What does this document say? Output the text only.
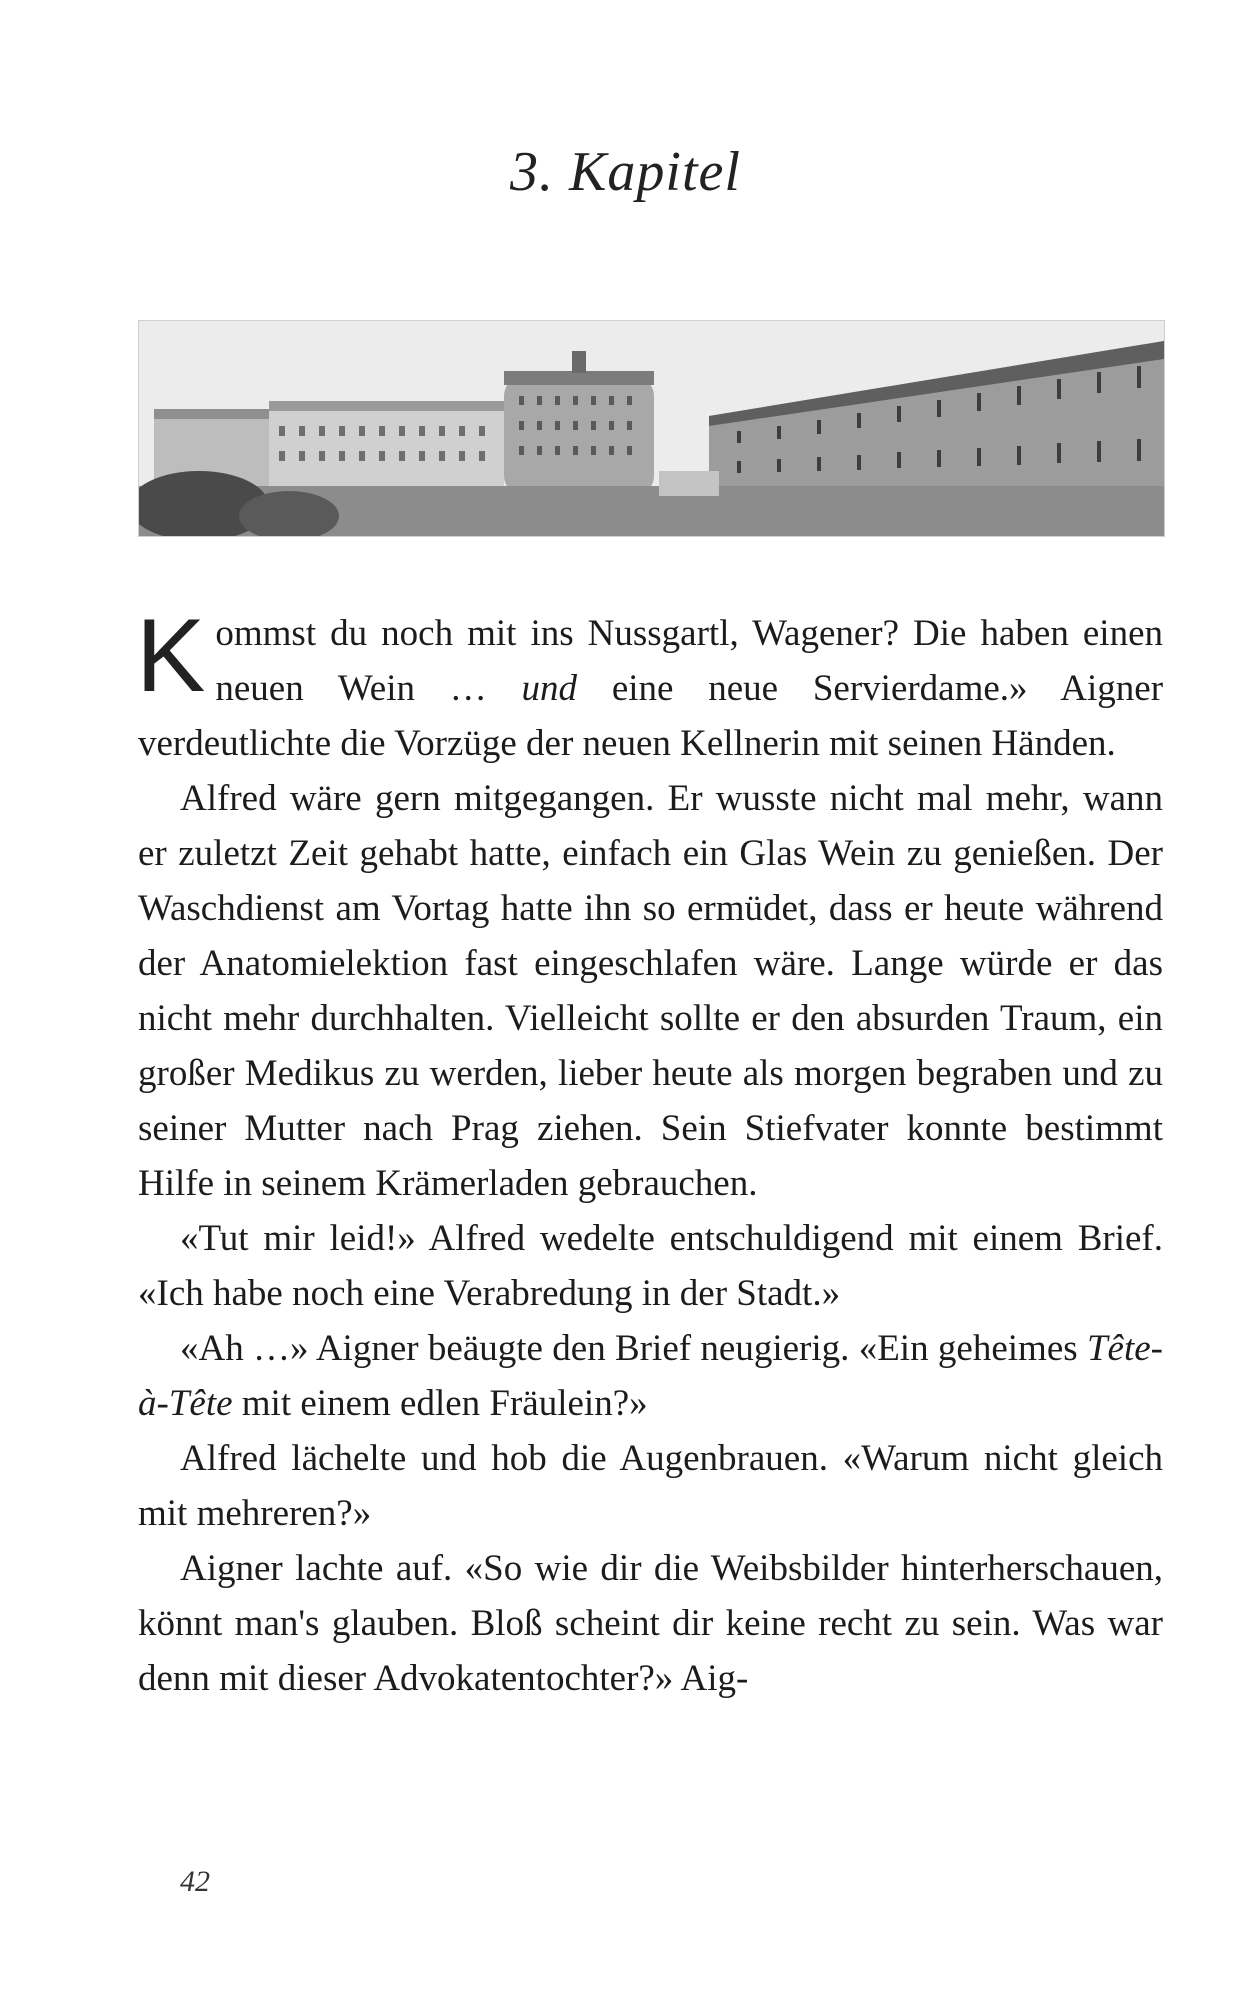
3. Kapitel

Kommst du noch mit ins Nussgartl, Wagener? Die haben einen neuen Wein … und eine neue Servierdame.» Aigner verdeutlichte die Vorzüge der neuen Kellnerin mit seinen Händen.

Alfred wäre gern mitgegangen. Er wusste nicht mal mehr, wann er zuletzt Zeit gehabt hatte, einfach ein Glas Wein zu genießen. Der Waschdienst am Vortag hatte ihn so ermüdet, dass er heute während der Anatomielektion fast eingeschlafen wäre. Lange würde er das nicht mehr durchhalten. Vielleicht sollte er den absurden Traum, ein großer Medikus zu werden, lieber heute als morgen begraben und zu seiner Mutter nach Prag ziehen. Sein Stiefvater konnte bestimmt Hilfe in seinem Krämerladen gebrauchen.

«Tut mir leid!» Alfred wedelte entschuldigend mit einem Brief. «Ich habe noch eine Verabredung in der Stadt.»

«Ah …» Aigner beäugte den Brief neugierig. «Ein geheimes Tête-à-Tête mit einem edlen Fräulein?»

Alfred lächelte und hob die Augenbrauen. «Warum nicht gleich mit mehreren?»

Aigner lachte auf. «So wie dir die Weibsbilder hinterherschauen, könnt man's glauben. Bloß scheint dir keine recht zu sein. Was war denn mit dieser Advokatentochter?» Aig-

42
